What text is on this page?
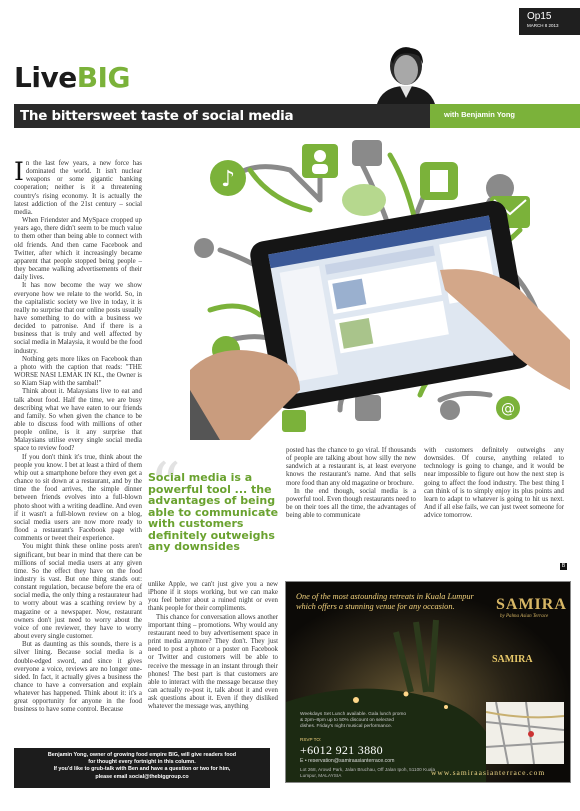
Op15
MARCH 8 2013
LiveBIG
The bittersweet taste of social media	with Benjamin Yong
♪
@
I n the last few years, a new force has dominated the world. It isn't nuclear weapons or some gigantic banking cooperation; neither is it a threatening country's rising economy. It is actually the latest addiction of the 21st century – social media.

When Friendster and MySpace cropped up years ago, there didn't seem to be much value to them other than being able to connect with old friends. And then came Facebook and Twitter, after which it increasingly became apparent that people stopped being people – they became walking advertisements of their daily lives.

It has now become the way we show everyone how we relate to the world. So, in the capitalistic society we live in today, it is really no surprise that our online posts usually have something to do with a business we decided to patronise. And if there is a business that is truly and well affected by social media in Malaysia, it would be the food industry.

Nothing gets more likes on Facebook than a photo with the caption that reads: "THE WORSE NASI LEMAK IN KL, the Owner is so Kiam Siap with the sambal!"

Think about it. Malaysians live to eat and talk about food. Half the time, we are busy describing what we have eaten to our friends and family. So when given the chance to be able to discuss food with millions of other people online, is it any surprise that Malaysians utilise every single social media space to review food?

If you don't think it's true, think about the people you know. I bet at least a third of them whip out a smartphone before they even get a chance to sit down at a restaurant, and by the time the food arrives, the simple dinner between friends evolves into a full-blown photo shoot with a writing deadline. And even if it wasn't a full-blown review on a blog, social media users are now more ready to flood a restaurant's Facebook page with comments or tweet their experience.

You might think these online posts aren't significant, but bear in mind that there can be millions of social media users at any given time. So the effect they have on the food industry is vast. But one thing stands out: constant regulation, because before the era of social media, the only thing a restaurateur had to worry about was a scathing review by a magazine or a newspaper. Now, restaurant owners don't just need to worry about the voice of one reviewer, they have to worry about every single customer.

But as daunting as this sounds, there is a silver lining. Because social media is a double-edged sword, and since it gives everyone a voice, reviews are no longer one-sided. In fact, it actually gives a business the chance to have a conversation and explain whatever has happened. Think about it: it's a great opportunity for anyone in the food business to have some control. Because

“
Social media is a powerful tool ... the advantages of being able to communicate with customers definitely outweighs any downsides

unlike Apple, we can't just give you a new iPhone if it stops working, but we can make you feel better about a ruined night or even thank people for their compliments.

This chance for conversation allows another important thing – promotions. Why would any restaurant need to buy advertisement space in print media anymore? They don't. They just need to post a photo or a poster on Facebook or Twitter and customers will be able to receive the message in an instant through their phones! The best part is that customers are able to interact with the message because they can actually re-post it, talk about it and even ask questions about it. Even if they disliked whatever the message was, anything

posted has the chance to go viral. If thousands of people are talking about how silly the new sandwich at a restaurant is, at least everyone knows the restaurant's name. And that sells more food than any old magazine or brochure.

In the end though, social media is a powerful tool. Even though restaurants need to be on their toes all the time, the advantages of being able to communicate

with customers definitely outweighs any downsides. Of course, anything related to technology is going to change, and it would be near impossible to figure out how the next step is going to affect the food industry. The best thing I can think of is to simply enjoy its plus points and learn to adapt to whatever is going to hit us next. And if all else fails, we can just tweet someone for advice tomorrow.

B
One of the most astounding retreats in Kuala Lumpur which offers a stunning venue for any occasion.	SAMIRA
by Palma Asian Terrace
SAMIRA
Weekdays Set Lunch available. Gala lunch promo & 2pm–8pm up to 50% discount on selected dishes. Friday's night musical performance.
RSVP TO:
+6012 921 3880
E • reservation@samiraasianterrace.com
Lot 268, Arowd Park, Jalan Bruchau, Off Jalan Ipoh, 51100 Kuala Lumpur, MALAYSIA	www.samiraasianterrace.com
Benjamin Yong, owner of growing food empire BIG, will give readers food
for thought every fortnight in this column.
If you'd like to grub-talk with Ben and have a question or two for him,
please email social@thebiggroup.co
